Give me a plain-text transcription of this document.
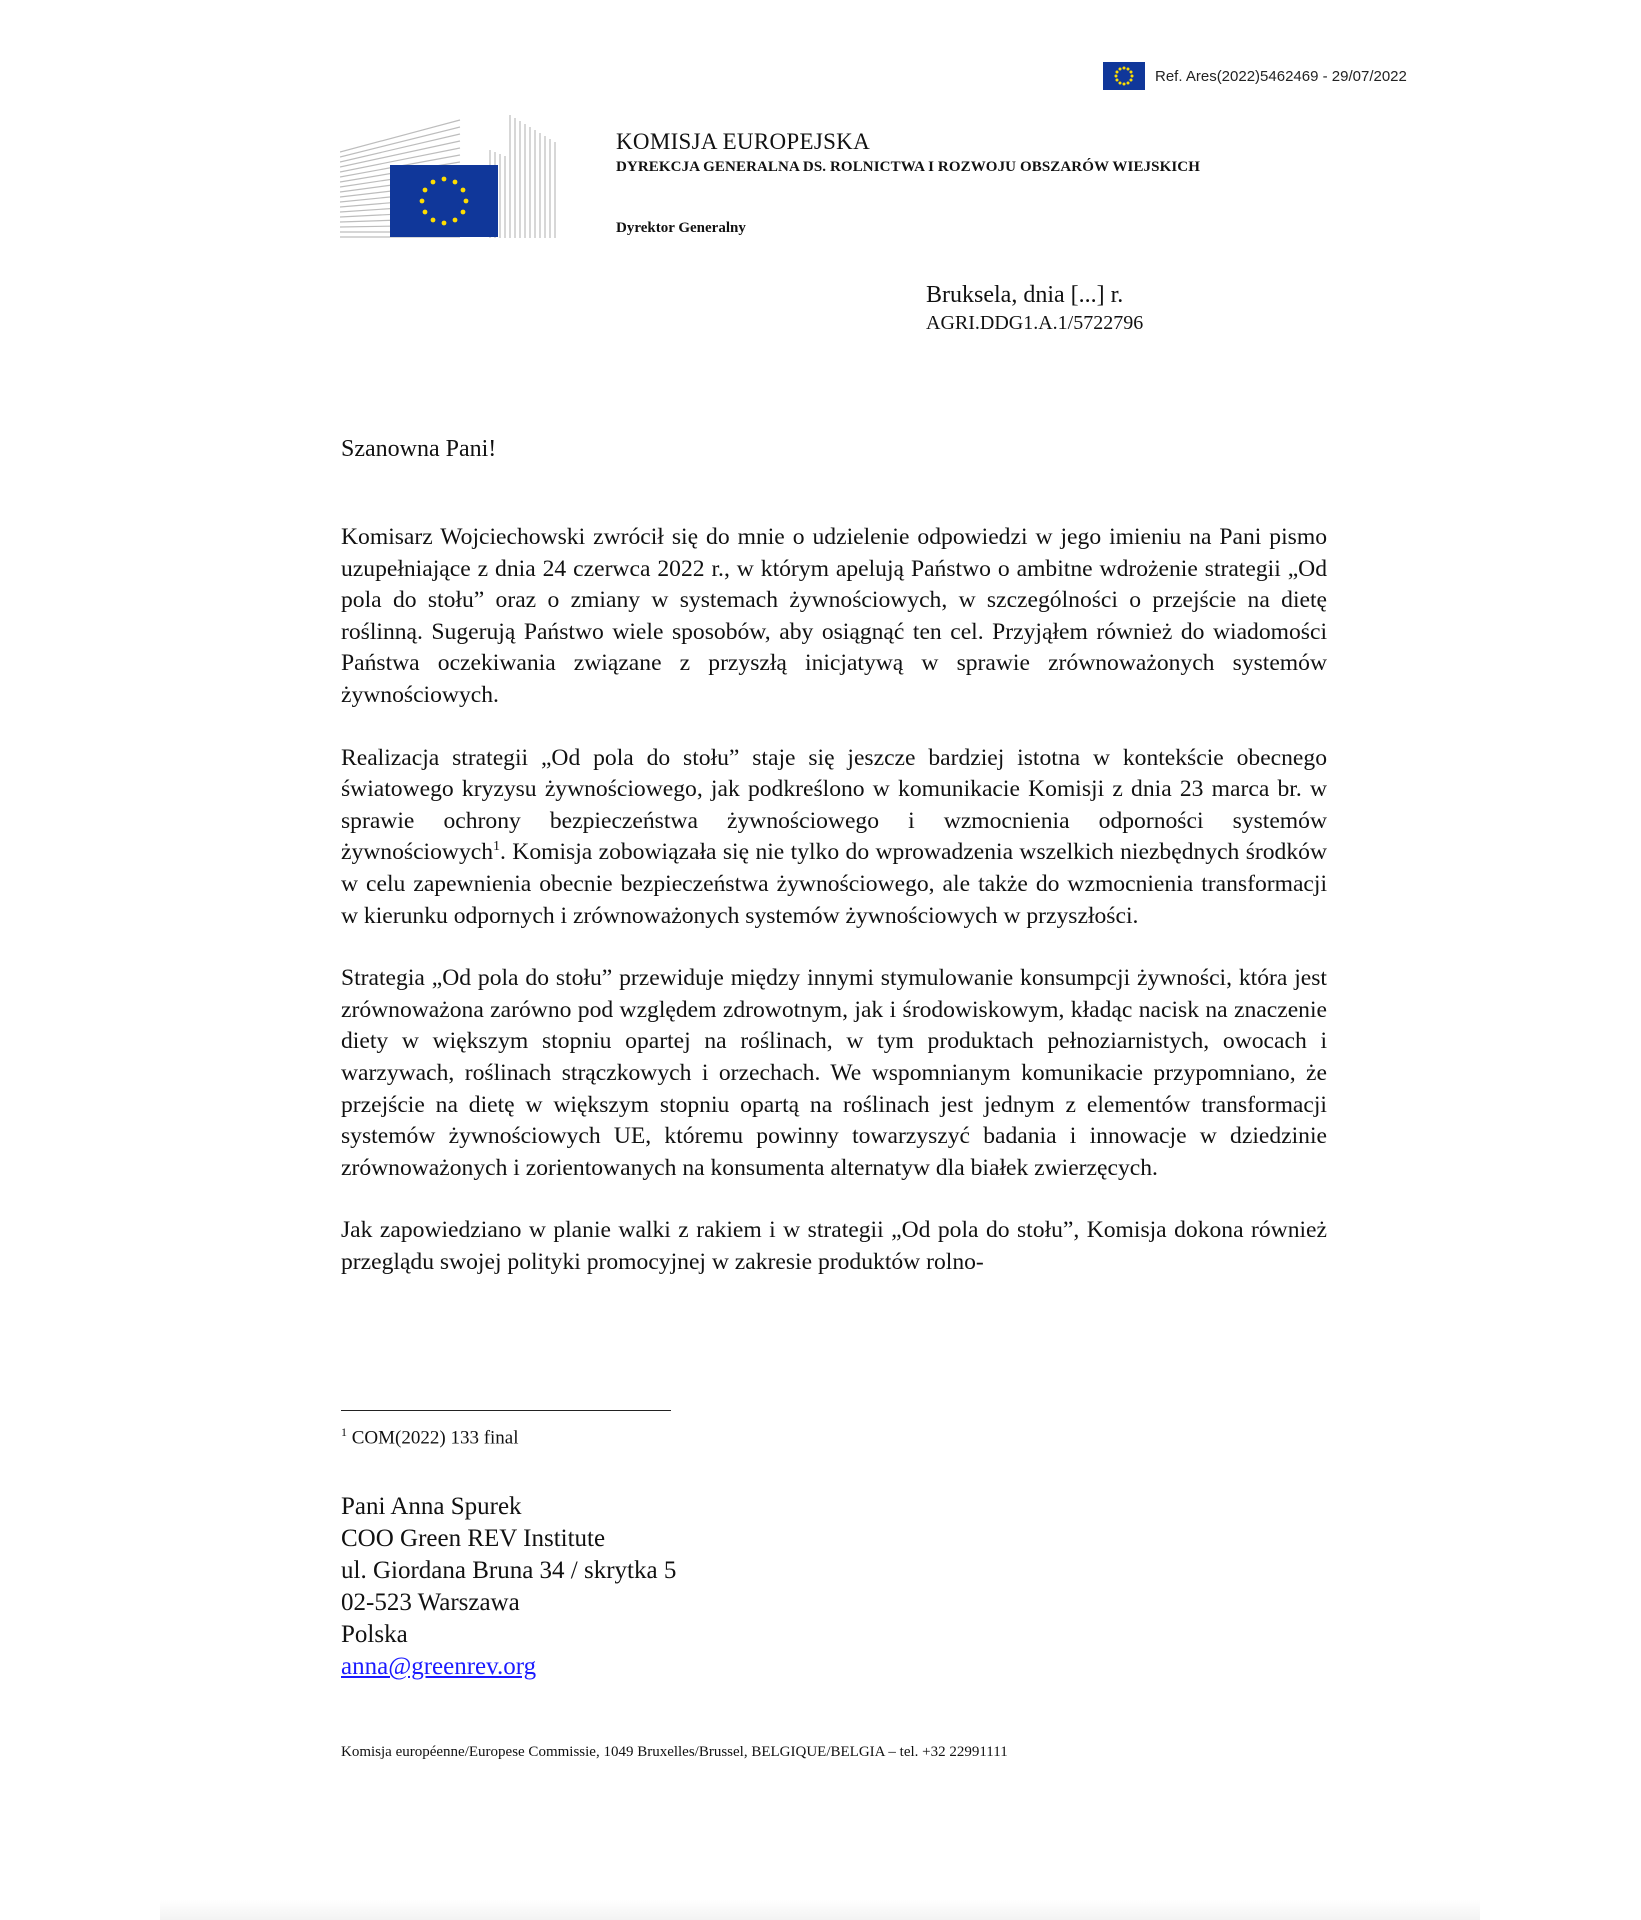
Ref. Ares(2022)5462469 - 29/07/2022
KOMISJA EUROPEJSKA
DYREKCJA GENERALNA DS. ROLNICTWA I ROZWOJU OBSZARÓW WIEJSKICH
Dyrektor Generalny
Bruksela, dnia [...] r.
AGRI.DDG1.A.1/5722796
Szanowna Pani!

Komisarz Wojciechowski zwrócił się do mnie o udzielenie odpowiedzi w jego imieniu na Pani pismo uzupełniające z dnia 24 czerwca 2022 r., w którym apelują Państwo o ambitne wdrożenie strategii „Od pola do stołu” oraz o zmiany w systemach żywnościowych, w szczególności o przejście na dietę roślinną. Sugerują Państwo wiele sposobów, aby osiągnąć ten cel. Przyjąłem również do wiadomości Państwa oczekiwania związane z przyszłą inicjatywą w sprawie zrównoważonych systemów żywnościowych.

Realizacja strategii „Od pola do stołu” staje się jeszcze bardziej istotna w kontekście obecnego światowego kryzysu żywnościowego, jak podkreślono w komunikacie Komisji z dnia 23 marca br. w sprawie ochrony bezpieczeństwa żywnościowego i wzmocnienia odporności systemów żywnościowych$^1$. Komisja zobowiązała się nie tylko do wprowadzenia wszelkich niezbędnych środków w celu zapewnienia obecnie bezpieczeństwa żywnościowego, ale także do wzmocnienia transformacji w kierunku odpornych i zrównoważonych systemów żywnościowych w przyszłości.

Strategia „Od pola do stołu” przewiduje między innymi stymulowanie konsumpcji żywności, która jest zrównoważona zarówno pod względem zdrowotnym, jak i środowiskowym, kładąc nacisk na znaczenie diety w większym stopniu opartej na roślinach, w tym produktach pełnoziarnistych, owocach i warzywach, roślinach strączkowych i orzechach. We wspomnianym komunikacie przypomniano, że przejście na dietę w większym stopniu opartą na roślinach jest jednym z elementów transformacji systemów żywnościowych UE, któremu powinny towarzyszyć badania i innowacje w dziedzinie zrównoważonych i zorientowanych na konsumenta alternatyw dla białek zwierzęcych.

Jak zapowiedziano w planie walki z rakiem i w strategii „Od pola do stołu”, Komisja dokona również przeglądu swojej polityki promocyjnej w zakresie produktów rolno-

$^1$ COM(2022) 133 final
Pani Anna Spurek
COO Green REV Institute
ul. Giordana Bruna 34 / skrytka 5
02-523 Warszawa
Polska
anna@greenrev.org
Komisja européenne/Europese Commissie, 1049 Bruxelles/Brussel, BELGIQUE/BELGIA – tel. +32 22991111
